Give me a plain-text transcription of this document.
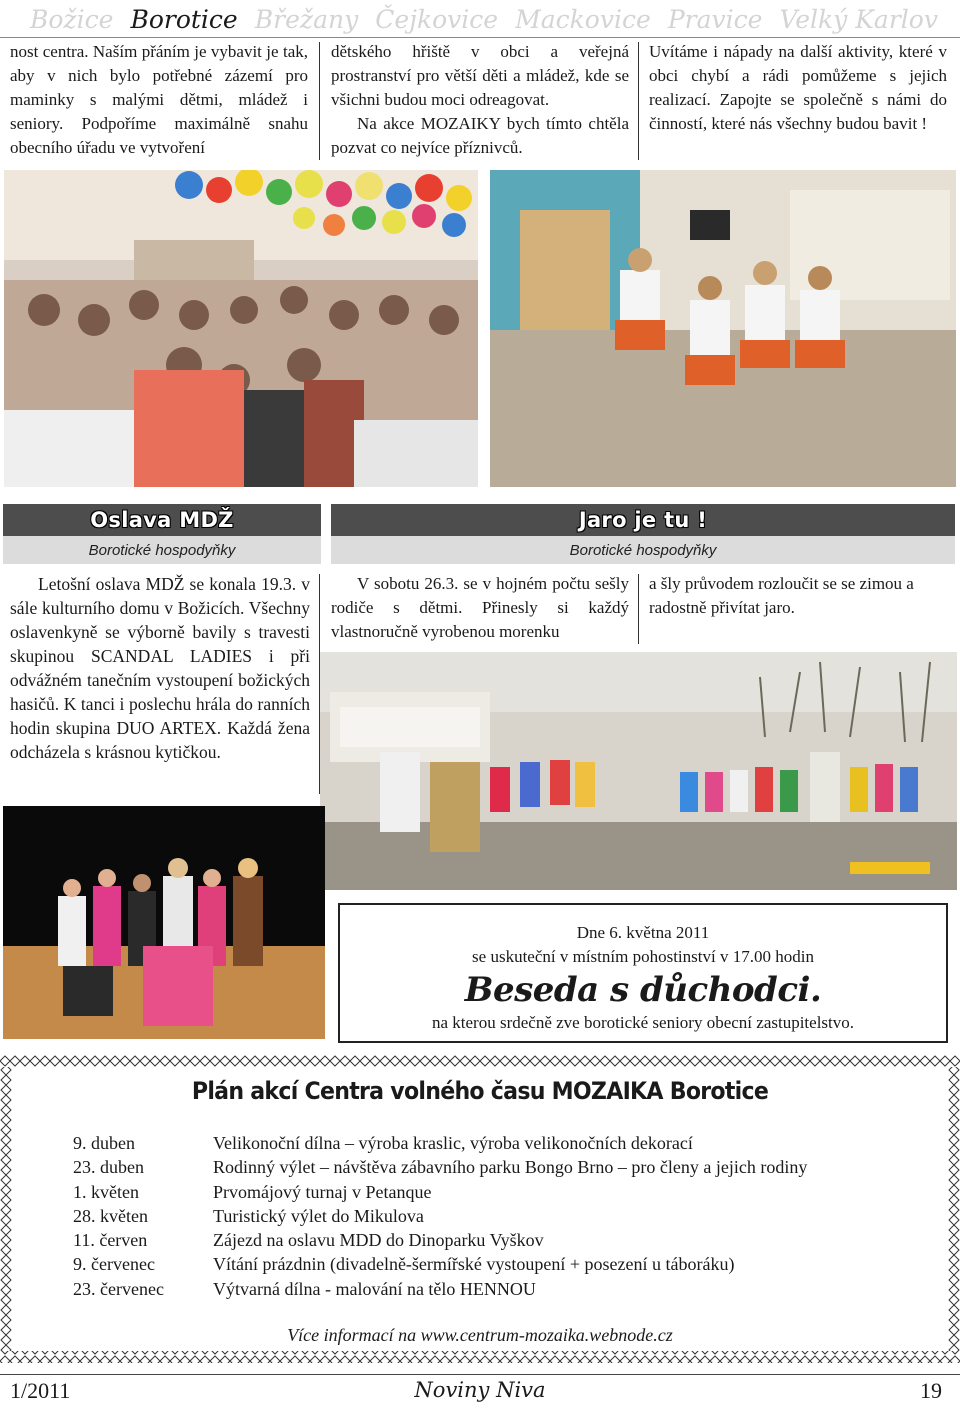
Božice Borotice Břežany Čejkovice Mackovice Pravice Velký Karlov
nost centra. Naším přáním je vybavit je tak, aby v nich bylo potřebné zázemí pro maminky s malými dětmi, mládež i seniory. Podpoříme maximálně snahu obecního úřadu ve vytvoření
dětského hřiště v obci a veřejná prostranství pro větší děti a mládež, kde se všichni budou moci odreagovat.
Na akce MOZAIKY bych tímto chtěla pozvat co nejvíce příznivců.
Uvítáme i nápady na další aktivity, které v obci chybí a rádi pomůžeme s jejich realizací. Zapojte se společně s námi do činností, které nás všechny budou bavit !
Oslava MDŽ
Borotické hospodyňky
Jaro je tu !
Borotické hospodyňky
Letošní oslava MDŽ se konala 19.3. v sále kulturního domu v Božicích. Všechny oslavenkyně se výborně bavily s travesti skupinou SCANDAL LADIES i při odvážném tanečním vystoupení božických hasičů. K tanci i poslechu hrála do ranních hodin skupina DUO ARTEX. Každá žena odcházela s krásnou kytičkou.
V sobotu 26.3. se v hojném počtu sešly rodiče s dětmi. Přinesly si každý vlastnoručně vyrobenou morenku
a šly průvodem rozloučit se se zimou a radostně přivítat jaro.
Dne 6. května 2011
se uskuteční v místním pohostinství v 17.00 hodin
Beseda s důchodci.
na kterou srdečně zve borotické seniory obecní zastupitelstvo.
Plán akcí Centra volného času MOZAIKA Borotice
9. duben	Velikonoční dílna – výroba kraslic, výroba velikonočních dekorací
23. duben	Rodinný výlet – návštěva zábavního parku Bongo Brno – pro členy a jejich rodiny
1. květen	Prvomájový turnaj v Petanque
28. květen	Turistický výlet do Mikulova
11. červen	Zájezd na oslavu MDD do Dinoparku Vyškov
9. červenec	Vítání prázdnin (divadelně-šermířské vystoupení + posezení u táboráku)
23. červenec	Výtvarná dílna - malování na tělo HENNOU
Více informací na www.centrum-mozaika.webnode.cz
1/2011	Noviny Niva	19
